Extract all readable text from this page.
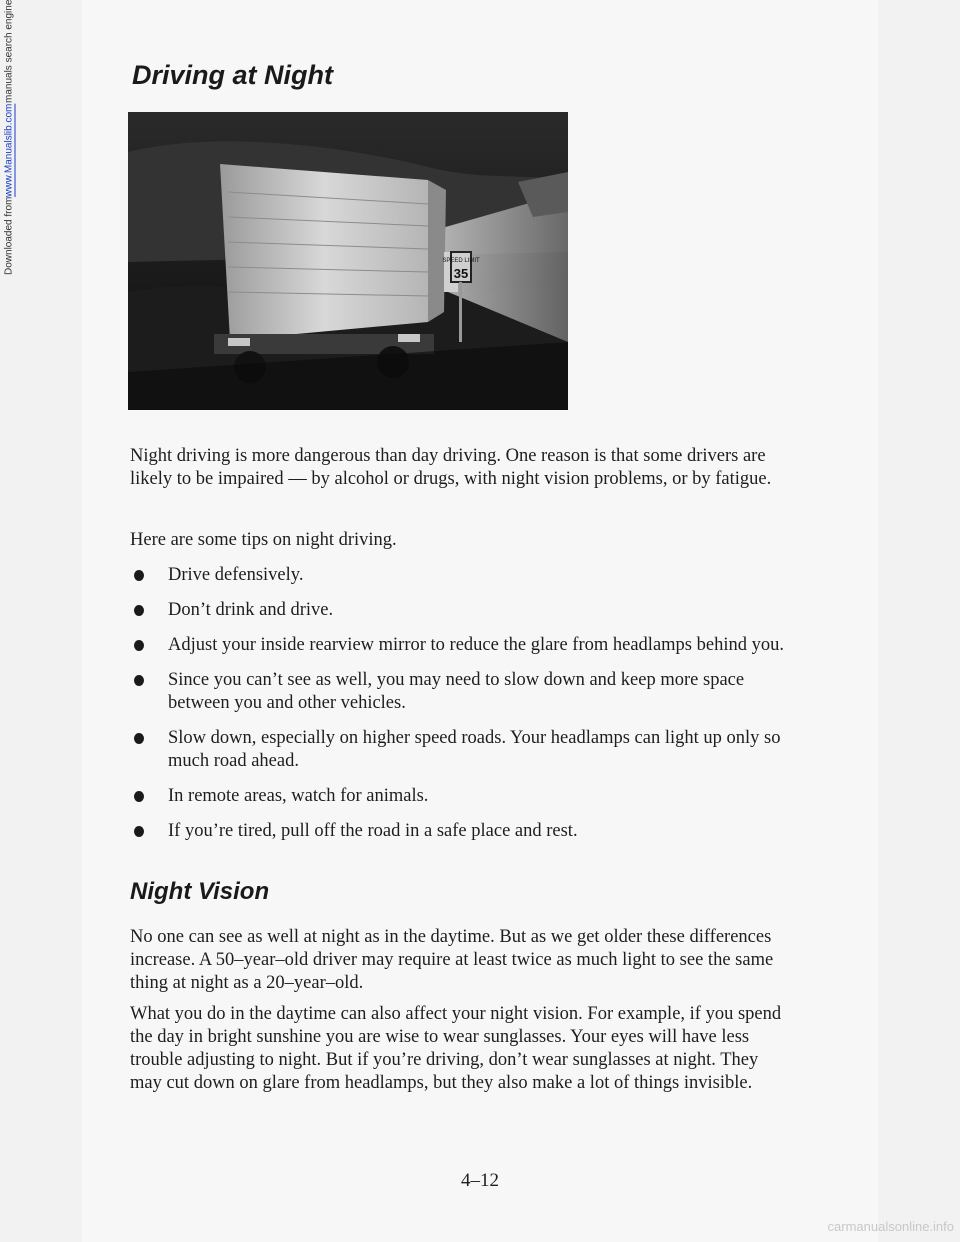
Downloaded from
www.Manualslib.com
manuals search engine	Driving at Night
SPEED LIMIT
35

Night driving is more dangerous than day driving. One reason is that some drivers are likely to be impaired — by alcohol or drugs, with night vision problems, or by fatigue.

Here are some tips on night driving.

Drive defensively.
Don’t drink and drive.
Adjust your inside rearview mirror to reduce the glare from headlamps behind you.
Since you can’t see as well, you may need to slow down and keep more space between you and other vehicles.
Slow down, especially on higher speed roads. Your headlamps can light up only so much road ahead.
In remote areas, watch for animals.
If you’re tired, pull off the road in a safe place and rest.
Night Vision

No one can see as well at night as in the daytime. But as we get older these differences increase. A 50–year–old driver may require at least twice as much light to see the same thing at night as a 20–year–old.

What you do in the daytime can also affect your night vision. For example, if you spend the day in bright sunshine you are wise to wear sunglasses. Your eyes will have less trouble adjusting to night. But if you’re driving, don’t wear sunglasses at night. They may cut down on glare from headlamps, but they also make a lot of things invisible.

4–12
carmanualsonline.info
